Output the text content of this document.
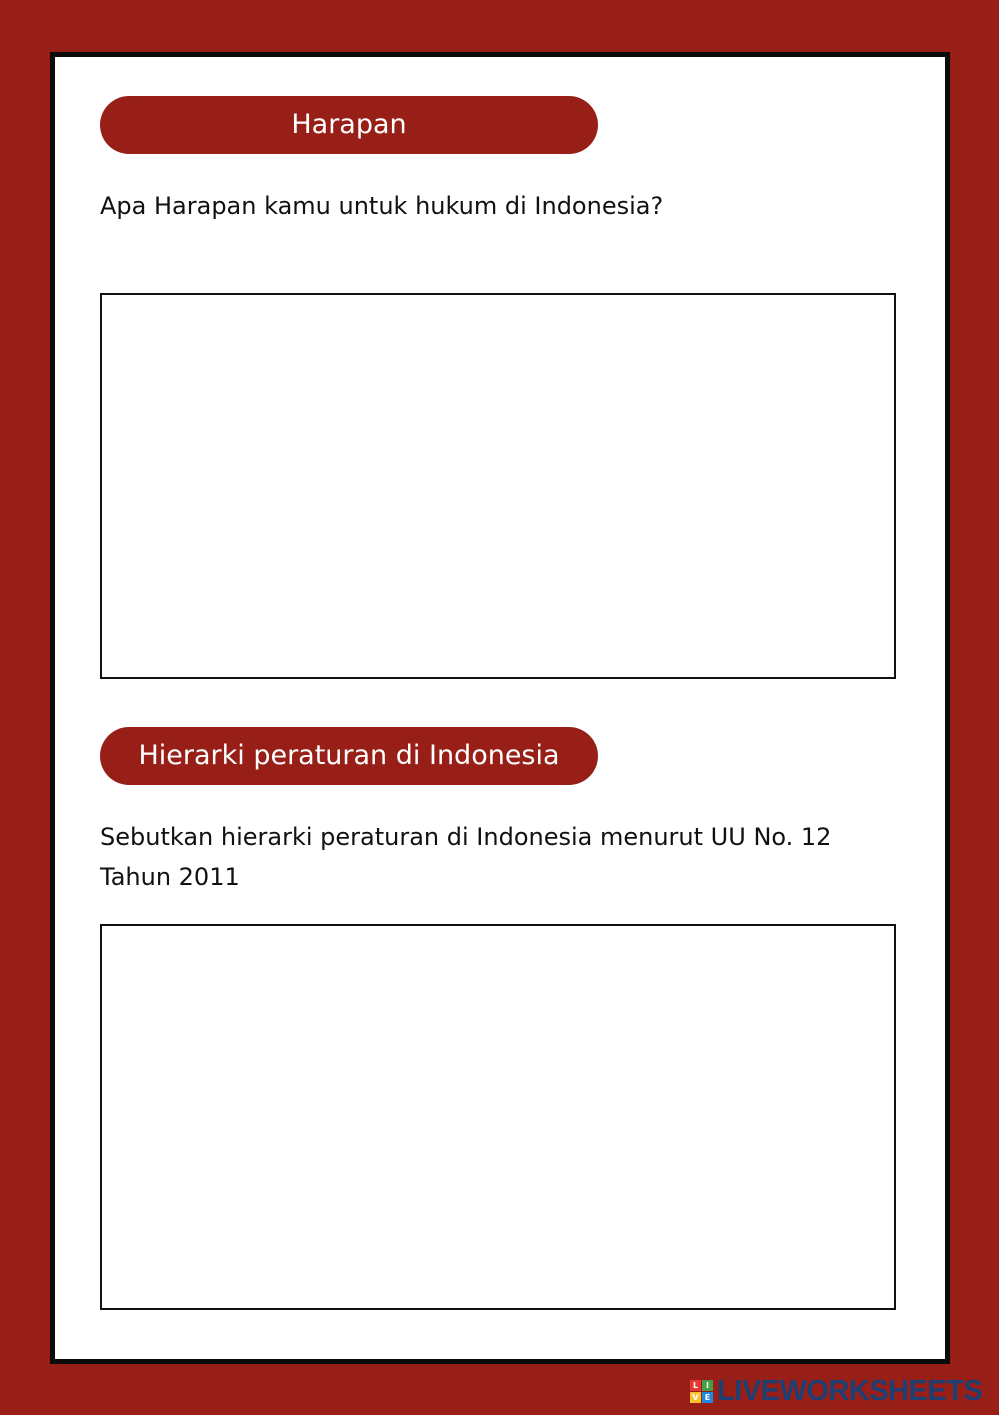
Harapan
Apa Harapan kamu untuk hukum di Indonesia?
Hierarki peraturan di Indonesia
Sebutkan hierarki peraturan di Indonesia menurut UU No. 12 Tahun 2011
L I
V E LIVEWORKSHEETS
